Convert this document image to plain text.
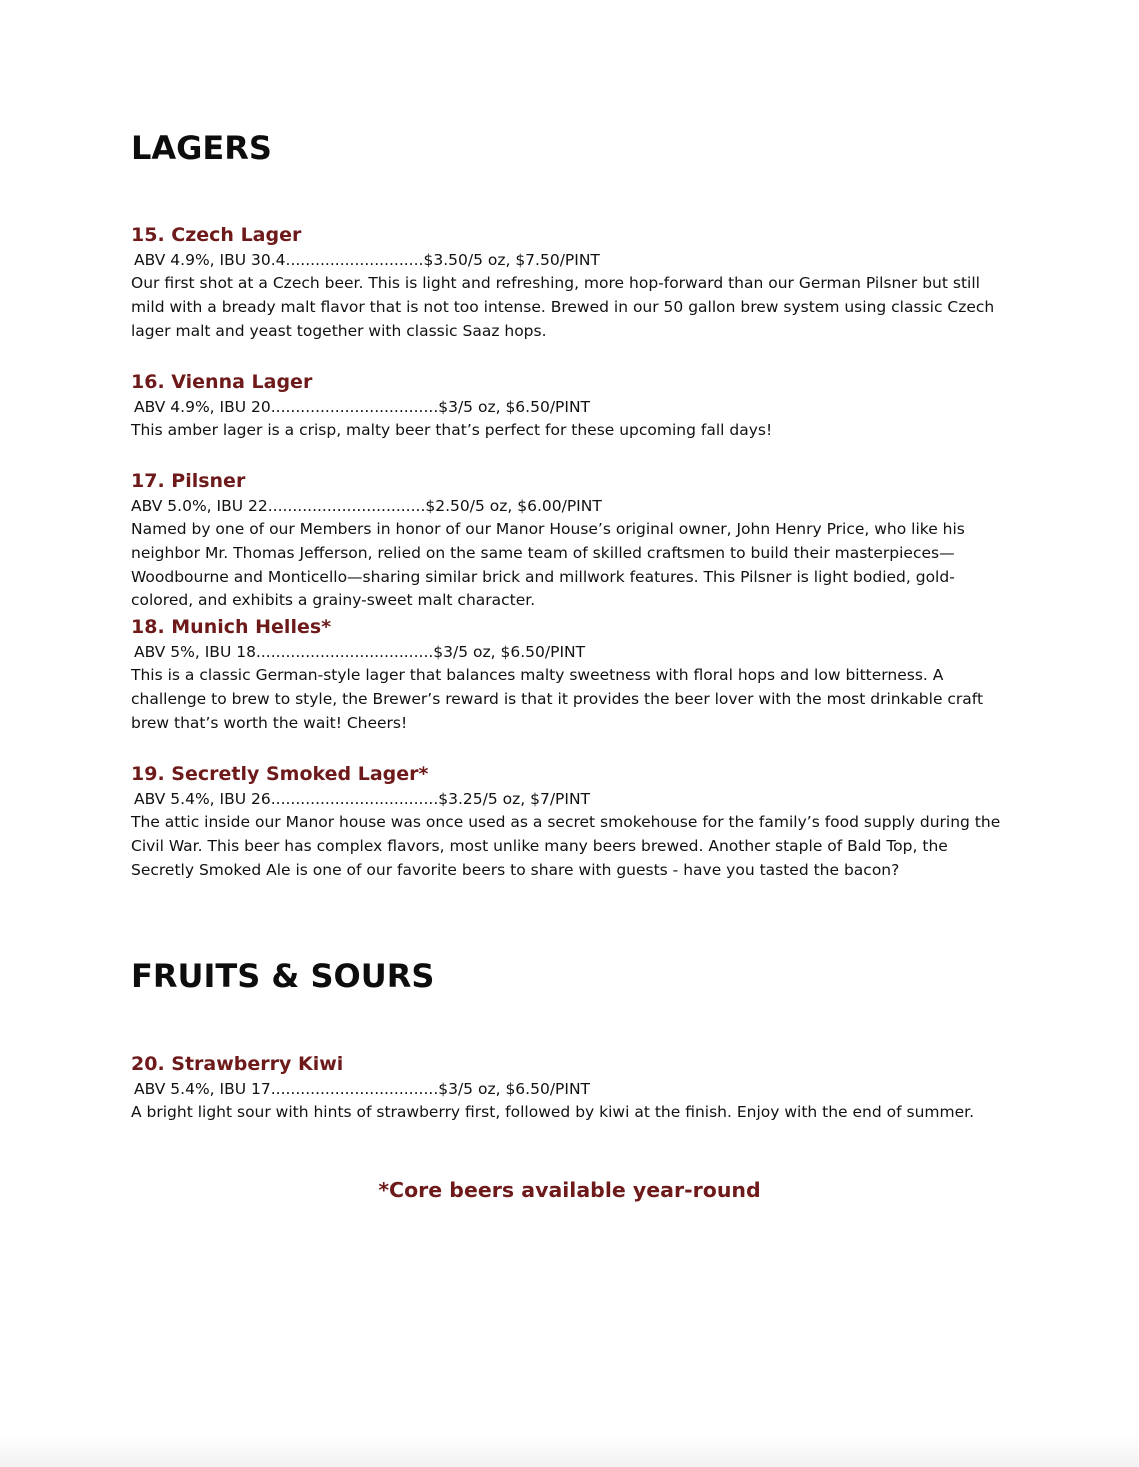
LAGERS
15. Czech Lager

ABV 4.9%, IBU 30.4............................$3.50/5 oz, $7.50/PINT

Our first shot at a Czech beer. This is light and refreshing, more hop-forward than our German Pilsner but still mild with a bready malt flavor that is not too intense. Brewed in our 50 gallon brew system using classic Czech lager malt and yeast together with classic Saaz hops.

16. Vienna Lager

ABV 4.9%, IBU 20..................................$3/5 oz, $6.50/PINT

This amber lager is a crisp, malty beer that’s perfect for these upcoming fall days!

17. Pilsner

ABV 5.0%, IBU 22................................$2.50/5 oz, $6.00/PINT

Named by one of our Members in honor of our Manor House’s original owner, John Henry Price, who like his neighbor Mr. Thomas Jefferson, relied on the same team of skilled craftsmen to build their masterpieces—Woodbourne and Monticello—sharing similar brick and millwork features. This Pilsner is light bodied, gold-colored, and exhibits a grainy-sweet malt character.

18. Munich Helles*

ABV 5%, IBU 18....................................$3/5 oz, $6.50/PINT

This is a classic German-style lager that balances malty sweetness with floral hops and low bitterness. A challenge to brew to style, the Brewer’s reward is that it provides the beer lover with the most drinkable craft brew that’s worth the wait! Cheers!

19. Secretly Smoked Lager*

ABV 5.4%, IBU 26..................................$3.25/5 oz, $7/PINT

The attic inside our Manor house was once used as a secret smokehouse for the family’s food supply during the Civil War. This beer has complex flavors, most unlike many beers brewed. Another staple of Bald Top, the Secretly Smoked Ale is one of our favorite beers to share with guests - have you tasted the bacon?

FRUITS & SOURS
20. Strawberry Kiwi

ABV 5.4%, IBU 17..................................$3/5 oz, $6.50/PINT

A bright light sour with hints of strawberry first, followed by kiwi at the finish. Enjoy with the end of summer.

*Core beers available year-round
